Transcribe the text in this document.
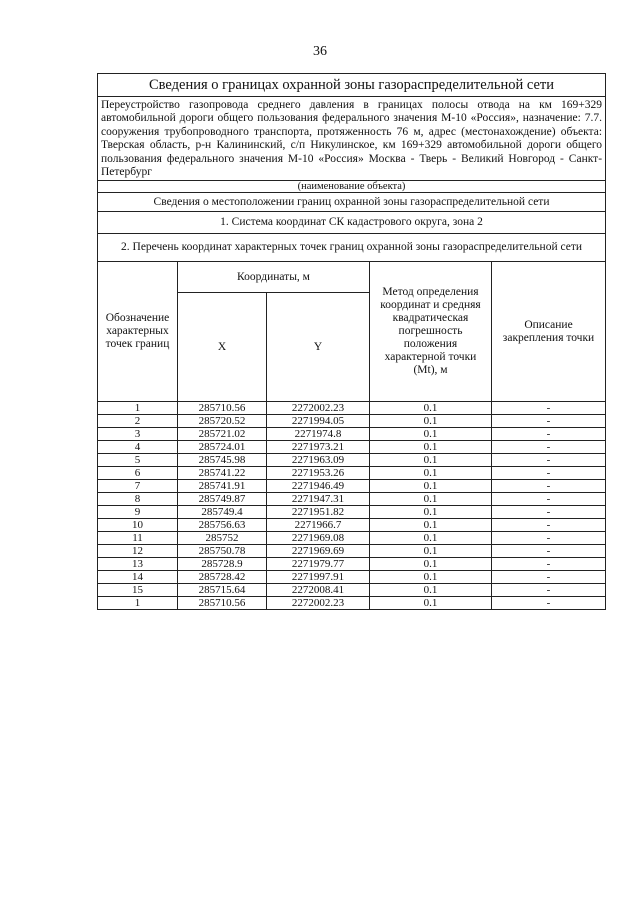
36
Сведения о границах охранной зоны газораспределительной сети				
Переустройство газопровода среднего давления в границах полосы отвода на км 169+329 автомобильной дороги общего пользования федерального значения М-10 «Россия», назначение: 7.7. сооружения трубопроводного транспорта, протяженность 76 м, адрес (местонахождение) объекта: Тверская область, р-н Калининский, с/п Никулинское, км 169+329 автомобильной дороги общего пользования федерального значения М-10 «Россия» Москва - Тверь - Великий Новгород - Санкт-Петербург				
(наименование объекта)				
Сведения о местоположении границ охранной зоны газораспределительной сети				
1. Система координат СК кадастрового округа, зона 2				
2. Перечень координат характерных точек границ охранной зоны газораспределительной сети				
Обозначение характерных точек границ	Координаты, м		Метод определения координат и средняя квадратическая погрешность положения характерной точки (Mt), м	Описание закрепления точки
	X	Y		
1	285710.56	2272002.23	0.1	-
2	285720.52	2271994.05	0.1	-
3	285721.02	2271974.8	0.1	-
4	285724.01	2271973.21	0.1	-
5	285745.98	2271963.09	0.1	-
6	285741.22	2271953.26	0.1	-
7	285741.91	2271946.49	0.1	-
8	285749.87	2271947.31	0.1	-
9	285749.4	2271951.82	0.1	-
10	285756.63	2271966.7	0.1	-
11	285752	2271969.08	0.1	-
12	285750.78	2271969.69	0.1	-
13	285728.9	2271979.77	0.1	-
14	285728.42	2271997.91	0.1	-
15	285715.64	2272008.41	0.1	-
1	285710.56	2272002.23	0.1	-
